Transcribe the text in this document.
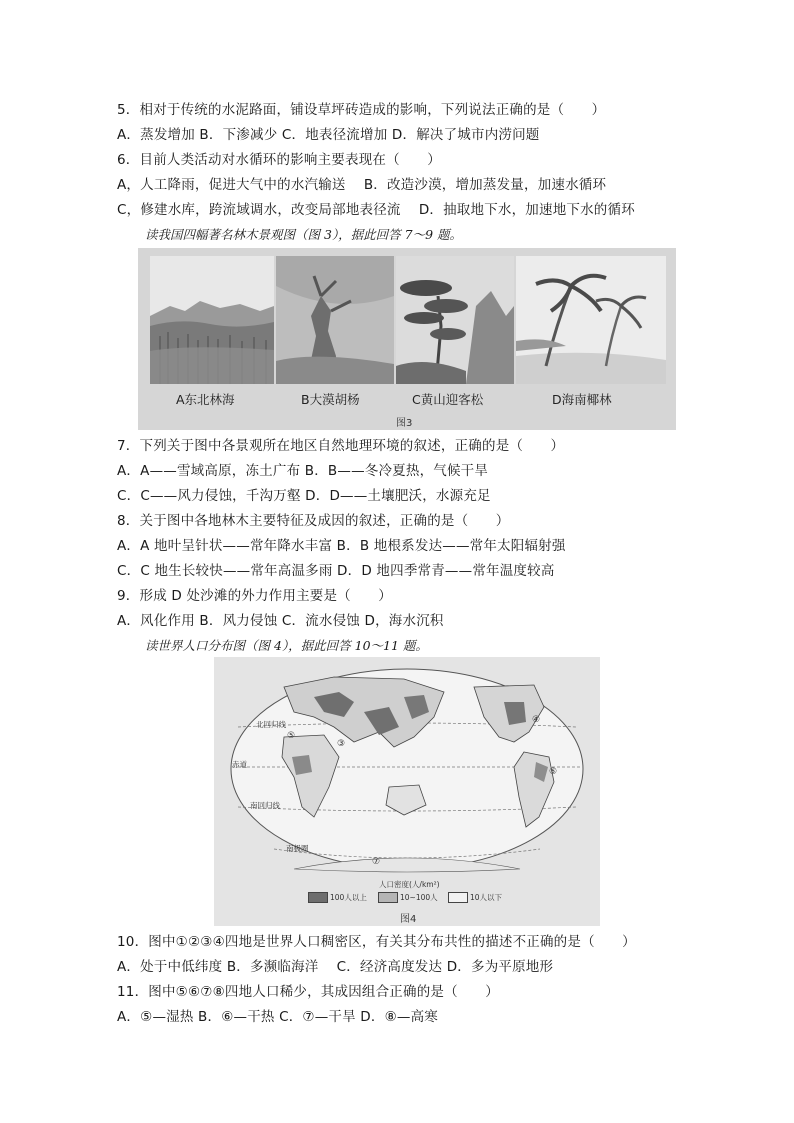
5．相对于传统的水泥路面，铺设草坪砖造成的影响，下列说法正确的是（　　）
A．蒸发增加 B．下渗减少 C．地表径流增加 D．解决了城市内涝问题
6．目前人类活动对水循环的影响主要表现在（　　）
A，人工降雨，促进大气中的水汽输送　 B．改造沙漠，增加蒸发量，加速水循环
C，修建水库，跨流域调水，改变局部地表径流　 D．抽取地下水，加速地下水的循环
读我国四幅著名林木景观图（图 3），据此回答 7～9 题。
A东北林海	B大漠胡杨	C黄山迎客松	D海南椰林
图3
7．下列关于图中各景观所在地区自然地理环境的叙述，正确的是（　　）
A．A——雪域高原，冻土广布 B．B——冬冷夏热，气候干旱
C．C——风力侵蚀，千沟万壑 D．D——土壤肥沃，水源充足
8．关于图中各地林木主要特征及成因的叙述，正确的是（　　）
A．A 地叶呈针状——常年降水丰富 B．B 地根系发达——常年太阳辐射强
C．C 地生长较快——常年高温多雨 D．D 地四季常青——常年温度较高
9．形成 D 处沙滩的外力作用主要是（　　）
A．风化作用 B．风力侵蚀 C．流水侵蚀 D，海水沉积
读世界人口分布图（图 4），据此回答 10～11 题。
北回归线
赤道
南回归线
南极圈
③
④
⑤
⑥
⑦
人口密度(人/km²)
100人以上	10~100人	10人以下
图4
10．图中①②③④四地是世界人口稠密区，有关其分布共性的描述不正确的是（　　）
A．处于中低纬度 B．多濒临海洋　 C．经济高度发达 D．多为平原地形
11．图中⑤⑥⑦⑧四地人口稀少，其成因组合正确的是（　　）
A．⑤—湿热 B．⑥—干热 C．⑦—干旱 D．⑧—高寒
